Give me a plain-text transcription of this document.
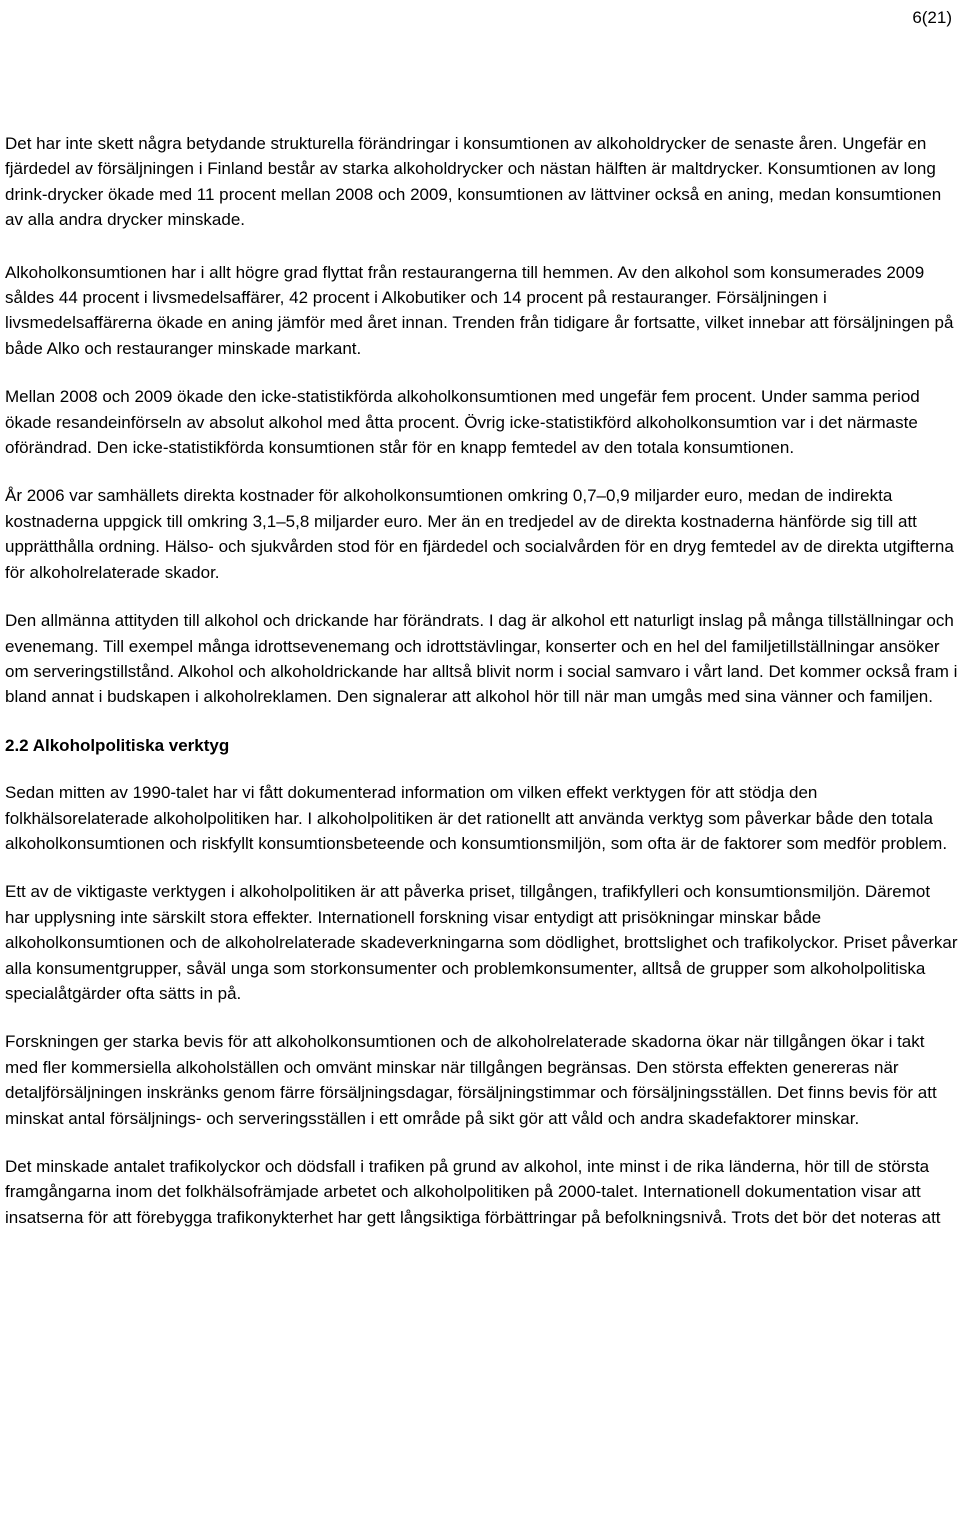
6(21)

Det har inte skett några betydande strukturella förändringar i konsumtionen av alkoholdrycker de senaste åren. Ungefär en fjärdedel av försäljningen i Finland består av starka alkoholdrycker och nästan hälften är maltdrycker. Konsumtionen av long drink-drycker ökade med 11 procent mellan 2008 och 2009, konsumtionen av lättviner också en aning, medan konsumtionen av alla andra drycker minskade.

Alkoholkonsumtionen har i allt högre grad flyttat från restaurangerna till hemmen. Av den alkohol som konsumerades 2009 såldes 44 procent i livsmedelsaffärer, 42 procent i Alkobutiker och 14 procent på restauranger. Försäljningen i livsmedelsaffärerna ökade en aning jämför med året innan. Trenden från tidigare år fortsatte, vilket innebar att försäljningen på både Alko och restauranger minskade markant.

Mellan 2008 och 2009 ökade den icke-statistikförda alkoholkonsumtionen med ungefär fem procent. Under samma period ökade resandeinförseln av absolut alkohol med åtta procent. Övrig icke-statistikförd alkoholkonsumtion var i det närmaste oförändrad. Den icke-statistikförda konsumtionen står för en knapp femtedel av den totala konsumtionen.

År 2006 var samhällets direkta kostnader för alkoholkonsumtionen omkring 0,7–0,9 miljarder euro, medan de indirekta kostnaderna uppgick till omkring 3,1–5,8 miljarder euro. Mer än en tredjedel av de direkta kostnaderna hänförde sig till att upprätthålla ordning. Hälso- och sjukvården stod för en fjärdedel och socialvården för en dryg femtedel av de direkta utgifterna för alkoholrelaterade skador.

Den allmänna attityden till alkohol och drickande har förändrats. I dag är alkohol ett naturligt inslag på många tillställningar och evenemang. Till exempel många idrottsevenemang och idrottstävlingar, konserter och en hel del familjetillställningar ansöker om serveringstillstånd. Alkohol och alkoholdrickande har alltså blivit norm i social samvaro i vårt land. Det kommer också fram i bland annat i budskapen i alkoholreklamen. Den signalerar att alkohol hör till när man umgås med sina vänner och familjen.

2.2 Alkoholpolitiska verktyg

Sedan mitten av 1990-talet har vi fått dokumenterad information om vilken effekt verktygen för att stödja den folkhälsorelaterade alkoholpolitiken har. I alkoholpolitiken är det rationellt att använda verktyg som påverkar både den totala alkoholkonsumtionen och riskfyllt konsumtionsbeteende och konsumtionsmiljön, som ofta är de faktorer som medför problem.

Ett av de viktigaste verktygen i alkoholpolitiken är att påverka priset, tillgången, trafikfylleri och konsumtionsmiljön. Däremot har upplysning inte särskilt stora effekter. Internationell forskning visar entydigt att prisökningar minskar både alkoholkonsumtionen och de alkoholrelaterade skadeverkningarna som dödlighet, brottslighet och trafikolyckor. Priset påverkar alla konsumentgrupper, såväl unga som storkonsumenter och problemkonsumenter, alltså de grupper som alkoholpolitiska specialåtgärder ofta sätts in på.

Forskningen ger starka bevis för att alkoholkonsumtionen och de alkoholrelaterade skadorna ökar när tillgången ökar i takt med fler kommersiella alkoholställen och omvänt minskar när tillgången begränsas. Den största effekten genereras när detaljförsäljningen inskränks genom färre försäljningsdagar, försäljningstimmar och försäljningsställen. Det finns bevis för att minskat antal försäljnings- och serveringsställen i ett område på sikt gör att våld och andra skadefaktorer minskar.

Det minskade antalet trafikolyckor och dödsfall i trafiken på grund av alkohol, inte minst i de rika länderna, hör till de största framgångarna inom det folkhälsofrämjade arbetet och alkoholpolitiken på 2000-talet. Internationell dokumentation visar att insatserna för att förebygga trafikonykterhet har gett långsiktiga förbättringar på befolkningsnivå. Trots det bör det noteras att
